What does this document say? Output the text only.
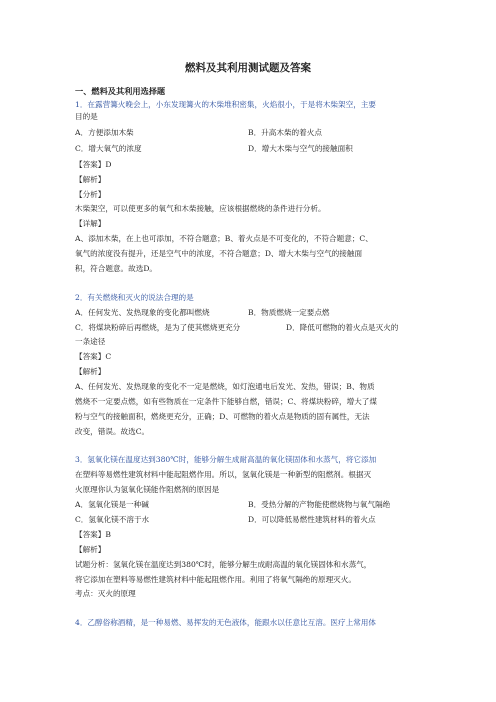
燃料及其利用测试题及答案
一、燃料及其利用选择题
1．在露营篝火晚会上，小东发现篝火的木柴堆积密集，火焰很小，于是将木柴架空，主要
目的是
A．方便添加木柴	B．升高木柴的着火点
C．增大氧气的浓度	D．增大木柴与空气的接触面积
【答案】D
【解析】
【分析】
木柴架空，可以使更多的氧气和木柴接触，应该根据燃烧的条件进行分析。
【详解】
A、添加木柴，在上也可添加，不符合题意；B、着火点是不可变化的，不符合题意；C、
氧气的浓度没有提升，还是空气中的浓度，不符合题意；D、增大木柴与空气的接触面
积，符合题意。故选D。
2．有关燃烧和灭火的说法合理的是
A．任何发光、发热现象的变化都叫燃烧	B．物质燃烧一定要点燃
C．将煤块粉碎后再燃烧，是为了使其燃烧更充分	D．降低可燃物的着火点是灭火的
一条途径
【答案】C
【解析】
A、任何发光、发热现象的变化不一定是燃烧，如灯泡通电后发光、发热，错误；B、物质
燃烧不一定要点燃，如有些物质在一定条件下能够自燃，错误；C、将煤块粉碎，增大了煤
粉与空气的接触面积，燃烧更充分，正确；D、可燃物的着火点是物质的固有属性，无法
改变，错误。故选C。
3．氢氧化镁在温度达到380℃时，能够分解生成耐高温的氧化镁固体和水蒸气，将它添加
在塑料等易燃性建筑材料中能起阻燃作用。所以，氢氧化镁是一种新型的阻燃剂。根据灭
火原理你认为氢氧化镁能作阻燃剂的原因是
A．氢氧化镁是一种碱	B．受热分解的产物能使燃烧物与氧气隔绝
C．氢氧化镁不溶于水	D．可以降低易燃性建筑材料的着火点
【答案】B
【解析】
试题分析：氢氧化镁在温度达到380℃时，能够分解生成耐高温的氧化镁固体和水蒸气，
将它添加在塑料等易燃性建筑材料中能起阻燃作用。利用了将氧气隔绝的原理灭火。
考点：灭火的原理
4．乙醇俗称酒精，是一种易燃、易挥发的无色液体，能跟水以任意比互溶。医疗上常用体
